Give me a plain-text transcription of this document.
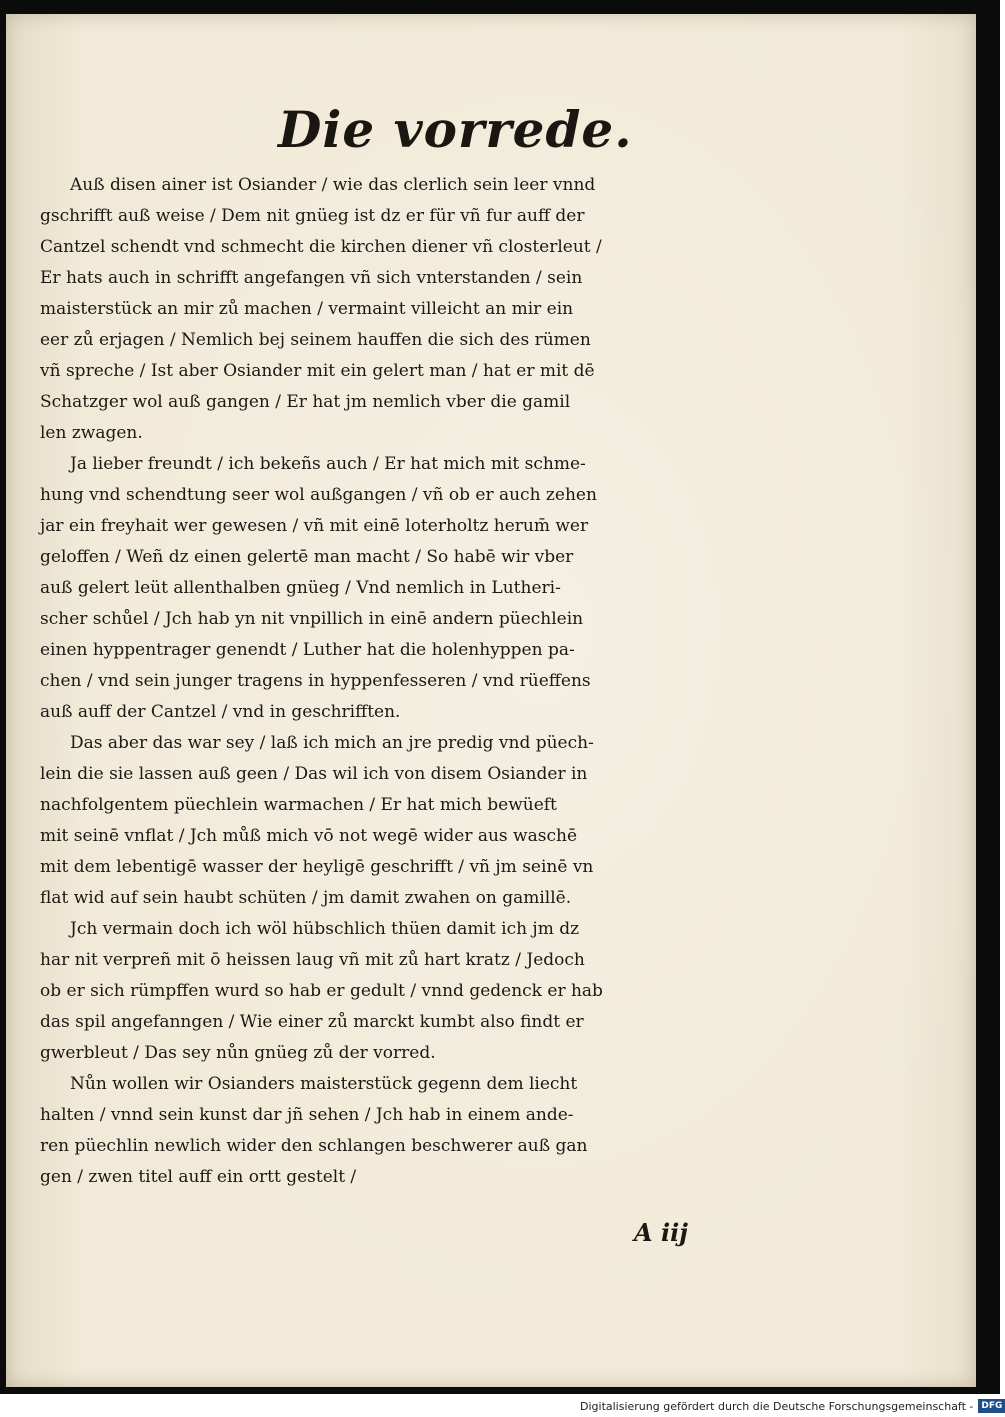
Die vorrede.

Auß disen ainer ist Osiander / wie das clerlich sein leer vnnd
gschrifft auß weise / Dem nit gnüeg ist dz er für vñ fur auff der
Cantzel schendt vnd schmecht die kirchen diener vñ closterleut /
Er hats auch in schrifft angefangen vñ sich vnterstanden / sein
maisterstück an mir zů machen / vermaint villeicht an mir ein
eer zů erjagen / Nemlich bej seinem hauffen die sich des rümen
vñ spreche / Ist aber Osiander mit ein gelert man / hat er mit dē
Schatzger wol auß gangen / Er hat jm nemlich vber die gamil
len zwagen.

Ja lieber freundt / ich bekeñs auch / Er hat mich mit schme-
hung vnd schendtung seer wol außgangen / vñ ob er auch zehen
jar ein freyhait wer gewesen / vñ mit einē loterholtz herum̄ wer
geloffen / Weñ dz einen gelertē man macht / So habē wir vber
auß gelert leüt allenthalben gnüeg / Vnd nemlich in Lutheri-
scher schůel / Jch hab yn nit vnpillich in einē andern püechlein
einen hyppentrager genendt / Luther hat die holenhyppen pa-
chen / vnd sein junger tragens in hyppenfesseren / vnd rüeffens
auß auff der Cantzel / vnd in geschrifften.

Das aber das war sey / laß ich mich an jre predig vnd püech-
lein die sie lassen auß geen / Das wil ich von disem Osiander in
nachfolgentem püechlein warmachen / Er hat mich bewüeft
mit seinē vnflat / Jch můß mich vō not wegē wider aus waschē
mit dem lebentigē wasser der heyligē geschrifft / vñ jm seinē vn
flat wid auf sein haubt schüten / jm damit zwahen on gamillē.

Jch vermain doch ich wöl hübschlich thüen damit ich jm dz
har nit verpreñ mit ō heissen laug vñ mit zů hart kratz / Jedoch
ob er sich rümpffen wurd so hab er gedult / vnnd gedenck er hab
das spil angefanngen / Wie einer zů marckt kumbt also findt er
gwerbleut / Das sey nůn gnüeg zů der vorred.

Nůn wollen wir Osianders maisterstück gegenn dem liecht
halten / vnnd sein kunst dar jñ sehen / Jch hab in einem ande-
ren püechlin newlich wider den schlangen beschwerer auß gan
gen / zwen titel auff ein ortt gestelt /

A iij
Digitalisierung gefördert durch die Deutsche Forschungsgemeinschaft - DFG
